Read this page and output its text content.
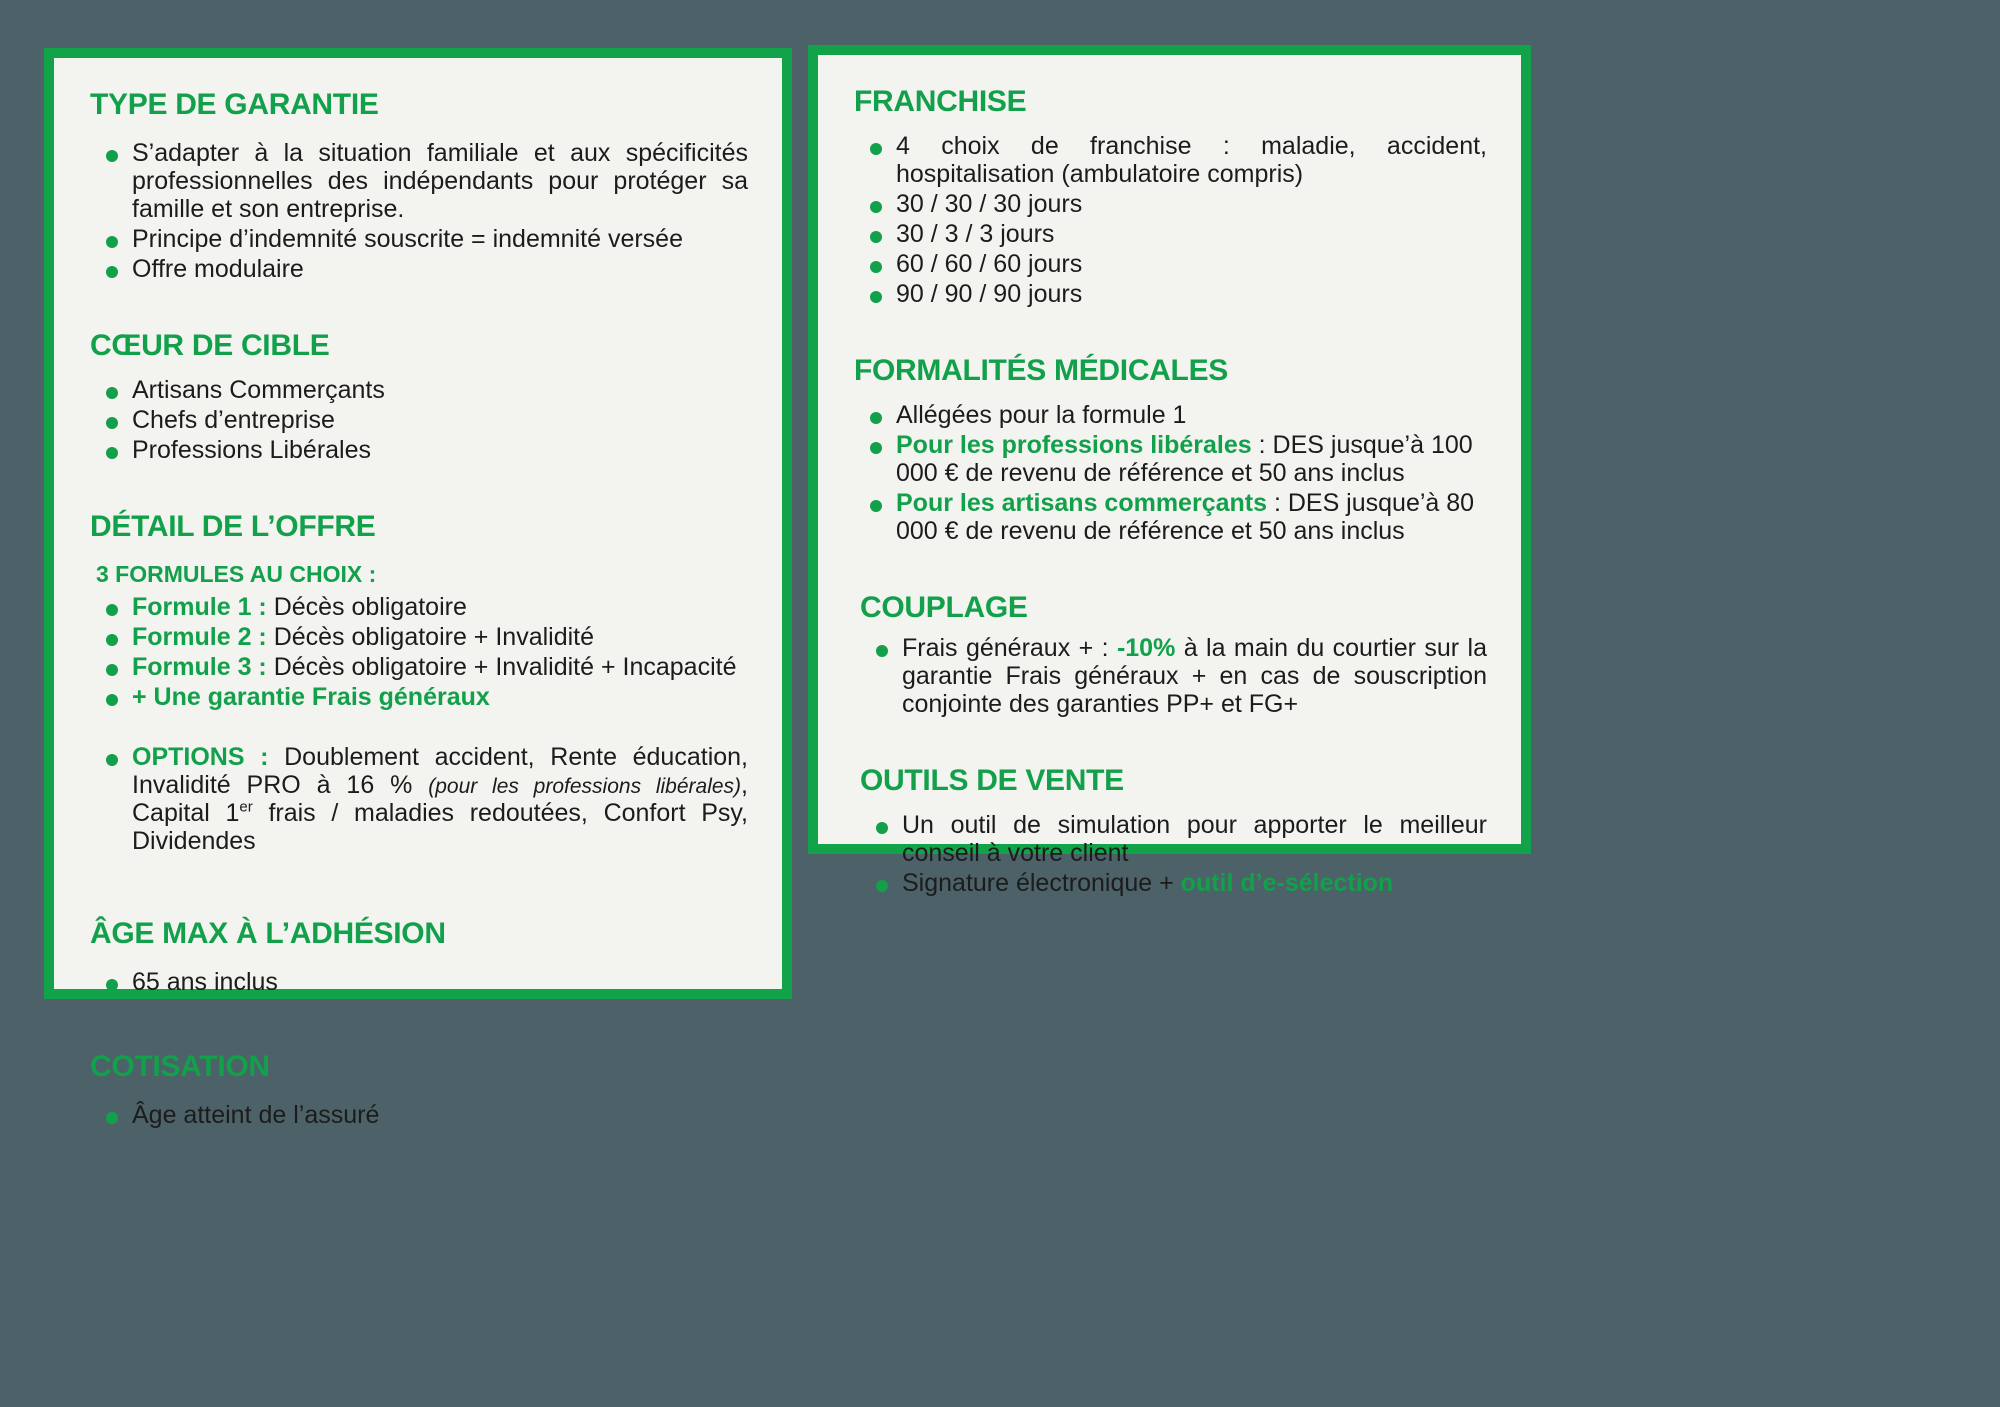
TYPE DE GARANTIE
S’adapter à la situation familiale et aux spécificités professionnelles des indépendants pour protéger sa famille et son entreprise.
Principe d’indemnité souscrite = indemnité versée
Offre modulaire
CŒUR DE CIBLE
Artisans Commerçants
Chefs d’entreprise
Professions Libérales
DÉTAIL DE L’OFFRE
3 FORMULES AU CHOIX :
Formule 1 : Décès obligatoire
Formule 2 : Décès obligatoire + Invalidité
Formule 3 : Décès obligatoire + Invalidité + Incapacité
+ Une garantie Frais généraux
OPTIONS : Doublement accident, Rente éducation, Invalidité PRO à 16 % (pour les professions libérales), Capital 1er frais / maladies redoutées, Confort Psy, Dividendes
ÂGE MAX À L’ADHÉSION
65 ans inclus
COTISATION
Âge atteint de l’assuré
FRANCHISE
4 choix de franchise : maladie, accident, hospitalisation (ambulatoire compris)
30 / 30 / 30 jours
30 / 3 / 3 jours
60 / 60 / 60 jours
90 / 90 / 90 jours
FORMALITÉS MÉDICALES
Allégées pour la formule 1
Pour les professions libérales : DES jusque’à 100 000 € de revenu de référence et 50 ans inclus
Pour les artisans commerçants : DES jusque’à 80 000 € de revenu de référence et 50 ans inclus
COUPLAGE
Frais généraux + : -10% à la main du courtier sur la garantie Frais généraux + en cas de souscription conjointe des garanties PP+ et FG+
OUTILS DE VENTE
Un outil de simulation pour apporter le meilleur conseil à votre client
Signature électronique + outil d’e-sélection
